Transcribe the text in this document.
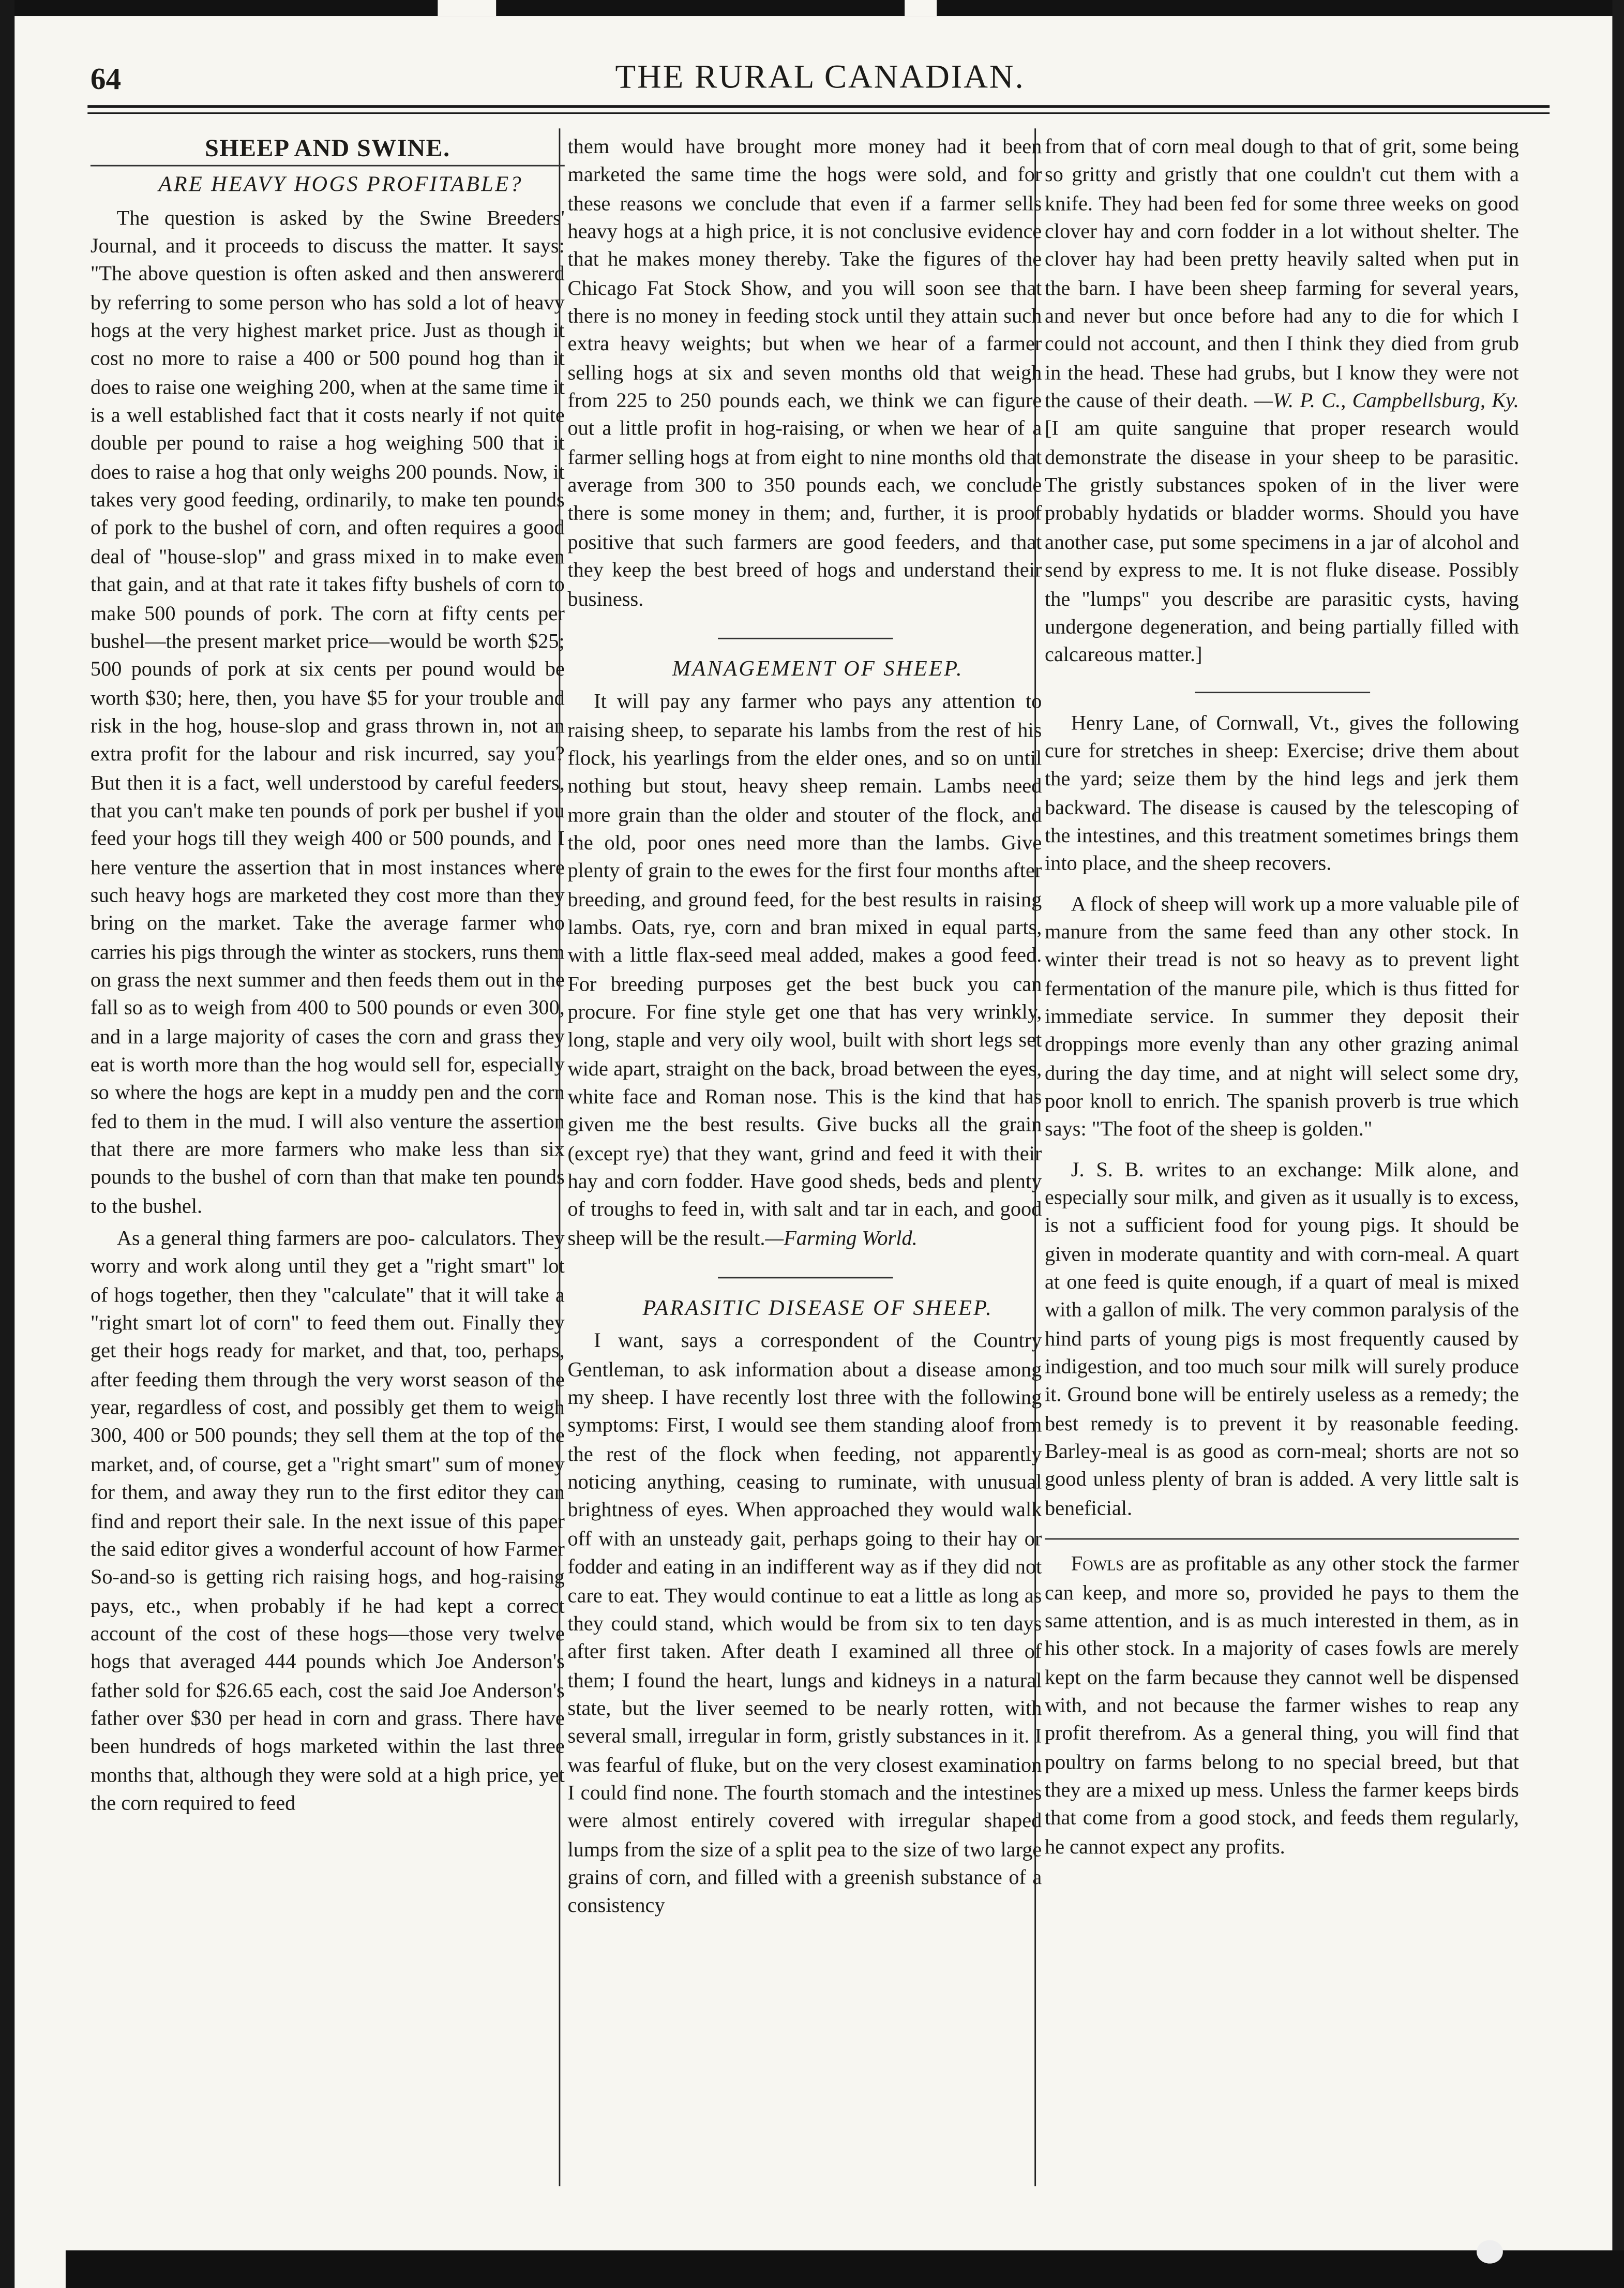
64	THE RURAL CANADIAN.
SHEEP AND SWINE.

ARE HEAVY HOGS PROFITABLE?

The question is asked by the Swine Breeders' Journal, and it proceeds to discuss the matter. It says: "The above question is often asked and then answererd by referring to some person who has sold a lot of heavy hogs at the very highest market price. Just as though it cost no more to raise a 400 or 500 pound hog than it does to raise one weighing 200, when at the same time it is a well established fact that it costs nearly if not quite double per pound to raise a hog weighing 500 that it does to raise a hog that only weighs 200 pounds. Now, it takes very good feeding, ordinarily, to make ten pounds of pork to the bushel of corn, and often requires a good deal of "house-slop" and grass mixed in to make even that gain, and at that rate it takes fifty bushels of corn to make 500 pounds of pork. The corn at fifty cents per bushel—the present market price—would be worth $25; 500 pounds of pork at six cents per pound would be worth $30; here, then, you have $5 for your trouble and risk in the hog, house-slop and grass thrown in, not an extra profit for the labour and risk incurred, say you? But then it is a fact, well understood by careful feeders, that you can't make ten pounds of pork per bushel if you feed your hogs till they weigh 400 or 500 pounds, and I here venture the assertion that in most instances where such heavy hogs are marketed they cost more than they bring on the market. Take the average farmer who carries his pigs through the winter as stockers, runs them on grass the next summer and then feeds them out in the fall so as to weigh from 400 to 500 pounds or even 300, and in a large majority of cases the corn and grass they eat is worth more than the hog would sell for, especially so where the hogs are kept in a muddy pen and the corn fed to them in the mud. I will also venture the assertion that there are more farmers who make less than six pounds to the bushel of corn than that make ten pounds to the bushel.

As a general thing farmers are poo- calculators. They worry and work along until they get a "right smart" lot of hogs together, then they "calculate" that it will take a "right smart lot of corn" to feed them out. Finally they get their hogs ready for market, and that, too, perhaps, after feeding them through the very worst season of the year, regardless of cost, and possibly get them to weigh 300, 400 or 500 pounds; they sell them at the top of the market, and, of course, get a "right smart" sum of money for them, and away they run to the first editor they can find and report their sale. In the next issue of this paper the said editor gives a wonderful account of how Farmer So-and-so is getting rich raising hogs, and hog-raising pays, etc., when probably if he had kept a correct account of the cost of these hogs—those very twelve hogs that averaged 444 pounds which Joe Anderson's father sold for $26.65 each, cost the said Joe Anderson's father over $30 per head in corn and grass. There have been hundreds of hogs marketed within the last three months that, although they were sold at a high price, yet the corn required to feed

them would have brought more money had it been marketed the same time the hogs were sold, and for these reasons we conclude that even if a farmer sells heavy hogs at a high price, it is not conclusive evidence that he makes money thereby. Take the figures of the Chicago Fat Stock Show, and you will soon see that there is no money in feeding stock until they attain such extra heavy weights; but when we hear of a farmer selling hogs at six and seven months old that weigh from 225 to 250 pounds each, we think we can figure out a little profit in hog-raising, or when we hear of a farmer selling hogs at from eight to nine months old that average from 300 to 350 pounds each, we conclude there is some money in them; and, further, it is proof positive that such farmers are good feeders, and that they keep the best breed of hogs and understand their business.

MANAGEMENT OF SHEEP.

It will pay any farmer who pays any attention to raising sheep, to separate his lambs from the rest of his flock, his yearlings from the elder ones, and so on until nothing but stout, heavy sheep remain. Lambs need more grain than the older and stouter of the flock, and the old, poor ones need more than the lambs. Give plenty of grain to the ewes for the first four months after breeding, and ground feed, for the best results in raising lambs. Oats, rye, corn and bran mixed in equal parts, with a little flax-seed meal added, makes a good feed. For breeding purposes get the best buck you can procure. For fine style get one that has very wrinkly, long, staple and very oily wool, built with short legs set wide apart, straight on the back, broad between the eyes, white face and Roman nose. This is the kind that has given me the best results. Give bucks all the grain (except rye) that they want, grind and feed it with their hay and corn fodder. Have good sheds, beds and plenty of troughs to feed in, with salt and tar in each, and good sheep will be the result.—Farming World.

PARASITIC DISEASE OF SHEEP.

I want, says a correspondent of the Country Gentleman, to ask information about a disease among my sheep. I have recently lost three with the following symptoms: First, I would see them standing aloof from the rest of the flock when feeding, not apparently noticing anything, ceasing to ruminate, with unusual brightness of eyes. When approached they would walk off with an unsteady gait, perhaps going to their hay or fodder and eating in an indifferent way as if they did not care to eat. They would continue to eat a little as long as they could stand, which would be from six to ten days after first taken. After death I examined all three of them; I found the heart, lungs and kidneys in a natural state, but the liver seemed to be nearly rotten, with several small, irregular in form, gristly substances in it. I was fearful of fluke, but on the very closest examination I could find none. The fourth stomach and the intestines were almost entirely covered with irregular shaped lumps from the size of a split pea to the size of two large grains of corn, and filled with a greenish substance of a consistency

from that of corn meal dough to that of grit, some being so gritty and gristly that one couldn't cut them with a knife. They had been fed for some three weeks on good clover hay and corn fodder in a lot without shelter. The clover hay had been pretty heavily salted when put in the barn. I have been sheep farming for several years, and never but once before had any to die for which I could not account, and then I think they died from grub in the head. These had grubs, but I know they were not the cause of their death. —W. P. C., Campbellsburg, Ky. [I am quite sanguine that proper research would demonstrate the disease in your sheep to be parasitic. The gristly substances spoken of in the liver were probably hydatids or bladder worms. Should you have another case, put some specimens in a jar of alcohol and send by express to me. It is not fluke disease. Possibly the "lumps" you describe are parasitic cysts, having undergone degeneration, and being partially filled with calcareous matter.]

Henry Lane, of Cornwall, Vt., gives the following cure for stretches in sheep: Exercise; drive them about the yard; seize them by the hind legs and jerk them backward. The disease is caused by the telescoping of the intestines, and this treatment sometimes brings them into place, and the sheep recovers.

A flock of sheep will work up a more valuable pile of manure from the same feed than any other stock. In winter their tread is not so heavy as to prevent light fermentation of the manure pile, which is thus fitted for immediate service. In summer they deposit their droppings more evenly than any other grazing animal during the day time, and at night will select some dry, poor knoll to enrich. The spanish proverb is true which says: "The foot of the sheep is golden."

J. S. B. writes to an exchange: Milk alone, and especially sour milk, and given as it usually is to excess, is not a sufficient food for young pigs. It should be given in moderate quantity and with corn-meal. A quart at one feed is quite enough, if a quart of meal is mixed with a gallon of milk. The very common paralysis of the hind parts of young pigs is most frequently caused by indigestion, and too much sour milk will surely produce it. Ground bone will be entirely useless as a remedy; the best remedy is to prevent it by reasonable feeding. Barley-meal is as good as corn-meal; shorts are not so good unless plenty of bran is added. A very little salt is beneficial.

Fowls are as profitable as any other stock the farmer can keep, and more so, provided he pays to them the same attention, and is as much interested in them, as in his other stock. In a majority of cases fowls are merely kept on the farm because they cannot well be dispensed with, and not because the farmer wishes to reap any profit therefrom. As a general thing, you will find that poultry on farms belong to no special breed, but that they are a mixed up mess. Unless the farmer keeps birds that come from a good stock, and feeds them regularly, he cannot expect any profits.
